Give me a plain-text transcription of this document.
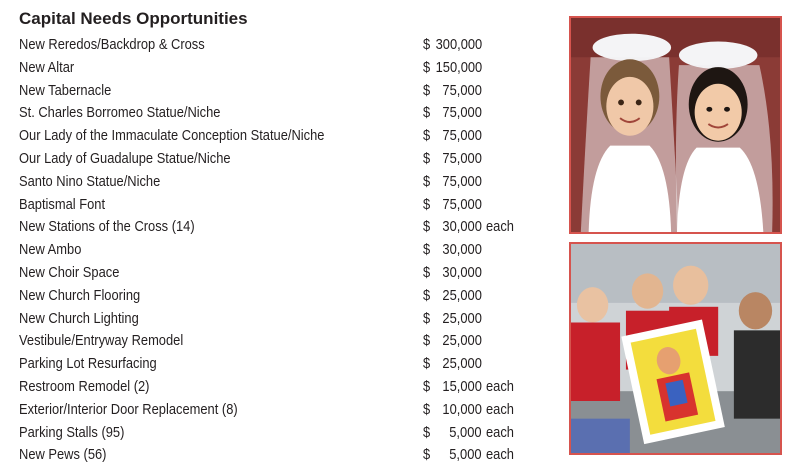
Capital Needs Opportunities
New Reredos/Backdrop & Cross	$ 300,000
New Altar	$ 150,000
New Tabernacle	$ 75,000
St. Charles Borromeo Statue/Niche	$ 75,000
Our Lady of the Immaculate Conception Statue/Niche	$ 75,000
Our Lady of Guadalupe Statue/Niche	$ 75,000
Santo Nino Statue/Niche	$ 75,000
Baptismal Font	$ 75,000
New Stations of the Cross (14)	$ 30,000 each
New Ambo	$ 30,000
New Choir Space	$ 30,000
New Church Flooring	$ 25,000
New Church Lighting	$ 25,000
Vestibule/Entryway Remodel	$ 25,000
Parking Lot Resurfacing	$ 25,000
Restroom Remodel (2)	$ 15,000 each
Exterior/Interior Door Replacement (8)	$ 10,000 each
Parking Stalls (95)	$ 5,000 each
New Pews (56)	$ 5,000 each
